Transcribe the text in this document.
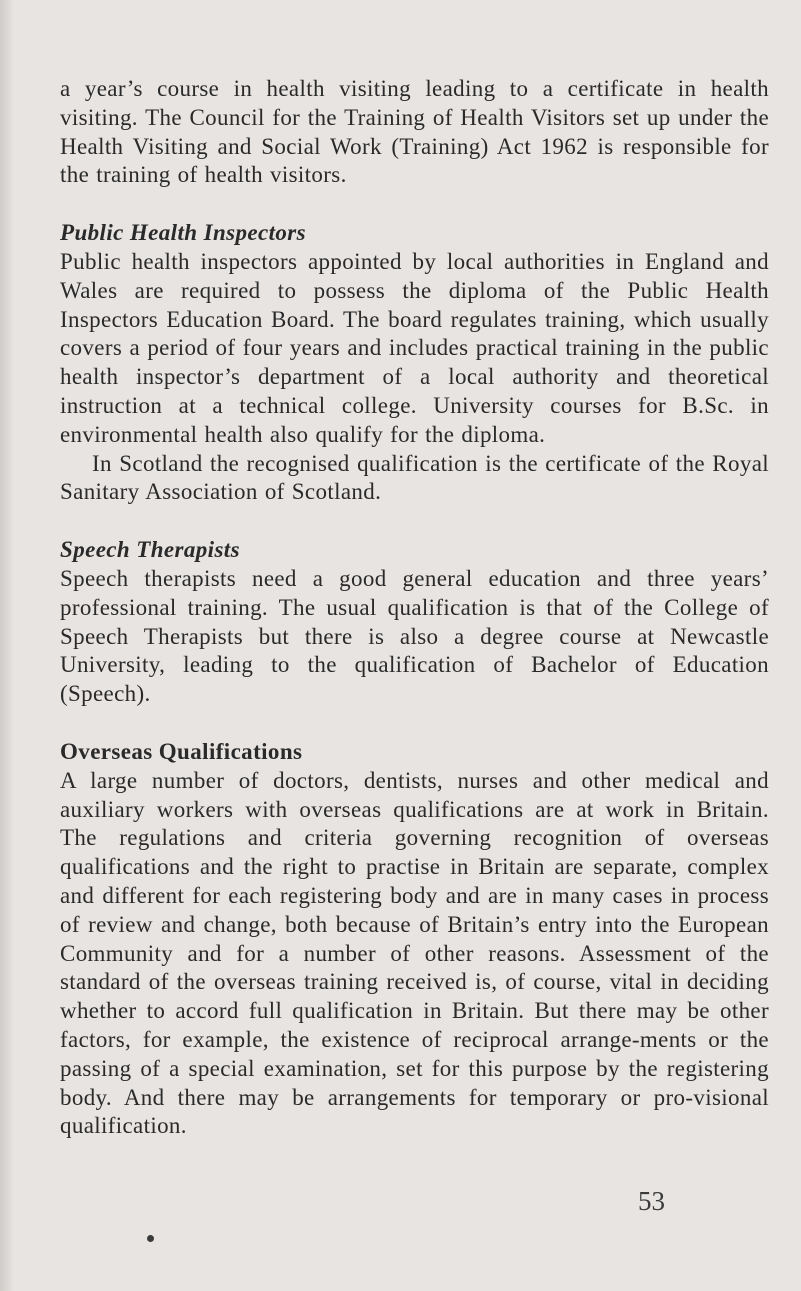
a year’s course in health visiting leading to a certificate in health visiting. The Council for the Training of Health Visitors set up under the Health Visiting and Social Work (Training) Act 1962 is responsible for the training of health visitors.

Public Health Inspectors

Public health inspectors appointed by local authorities in England and Wales are required to possess the diploma of the Public Health Inspectors Education Board. The board regulates training, which usually covers a period of four years and includes practical training in the public health inspector’s department of a local authority and theoretical instruction at a technical college. University courses for B.Sc. in environmental health also qualify for the diploma.

In Scotland the recognised qualification is the certificate of the Royal Sanitary Association of Scotland.

Speech Therapists

Speech therapists need a good general education and three years’ professional training. The usual qualification is that of the College of Speech Therapists but there is also a degree course at Newcastle University, leading to the qualification of Bachelor of Education (Speech).

Overseas Qualifications

A large number of doctors, dentists, nurses and other medical and auxiliary workers with overseas qualifications are at work in Britain. The regulations and criteria governing recognition of overseas qualifications and the right to practise in Britain are separate, complex and different for each registering body and are in many cases in process of review and change, both because of Britain’s entry into the European Community and for a number of other reasons. Assessment of the standard of the overseas training received is, of course, vital in deciding whether to accord full qualification in Britain. But there may be other factors, for example, the existence of reciprocal arrange-ments or the passing of a special examination, set for this purpose by the registering body. And there may be arrangements for temporary or pro-visional qualification.

53
